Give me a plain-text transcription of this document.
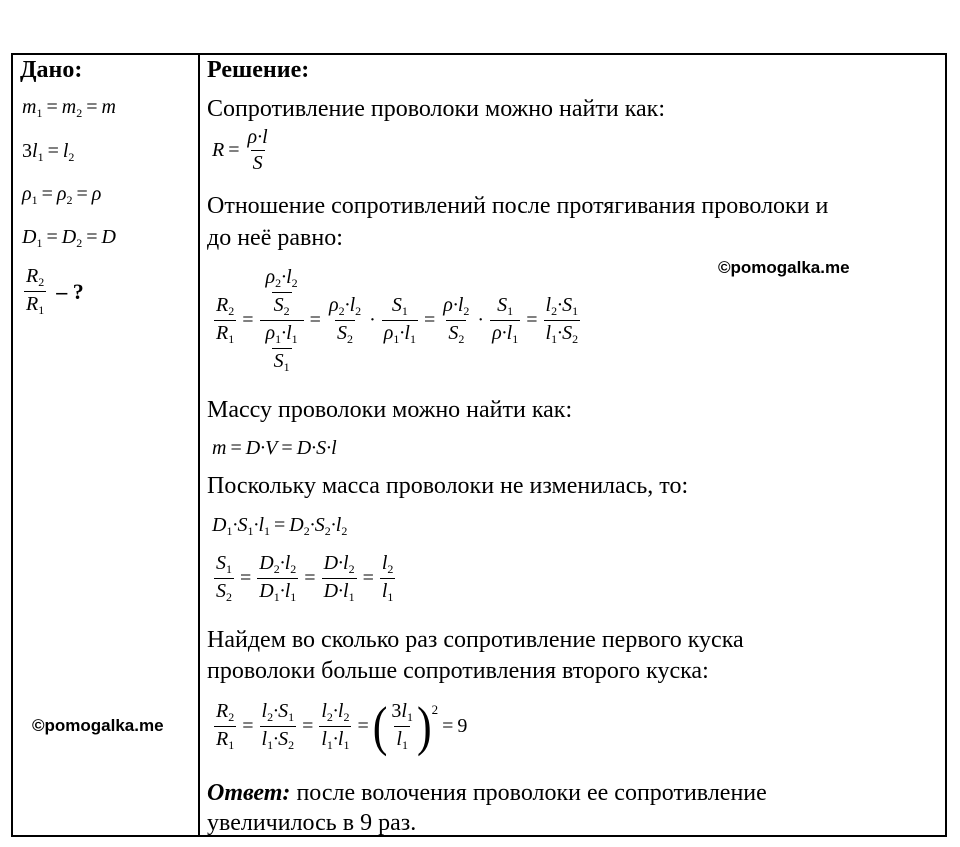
Дано:
$m_1 = m_2 = m$
$3l_1 = l_2$
$\rho_1 = \rho_2 = \rho$
$D_1 = D_2 = D$
$\frac{R_2}{R_1}$ – ?
©pomogalka.me
Решение:
Сопротивление проволоки можно найти как:
$R = \frac{\rho\cdot l}{S}$
Отношение сопротивлений после протягивания проволоки и
до неё равно:
©pomogalka.me
$\frac{R_2}{R_1} = \frac{\frac{\rho_2\cdot l_2}{S_2}}{\frac{\rho_1\cdot l_1}{S_1}} = \frac{\rho_2\cdot l_2}{S_2} \cdot \frac{S_1}{\rho_1\cdot l_1} = \frac{\rho\cdot l_2}{S_2} \cdot \frac{S_1}{\rho\cdot l_1} = \frac{l_2\cdot S_1}{l_1\cdot S_2}$
Массу проволоки можно найти как:
m = D·V = D·S·l
Поскольку масса проволоки не изменилась, то:
$D_1\cdot S_1\cdot l_1 = D_2\cdot S_2\cdot l_2$
$\frac{S_1}{S_2} = \frac{D_2\cdot l_2}{D_1\cdot l_1} = \frac{D\cdot l_2}{D\cdot l_1} = \frac{l_2}{l_1}$
Найдем во сколько раз сопротивление первого куска
проволоки больше сопротивления второго куска:
$\frac{R_2}{R_1} = \frac{l_2\cdot S_1}{l_1\cdot S_2} = \frac{l_2\cdot l_2}{l_1\cdot l_1}$ = ( $\frac{3l_1}{l_1} )^2$
= 9
Ответ: после волочения проволоки ее сопротивление
увеличилось в 9 раз.
